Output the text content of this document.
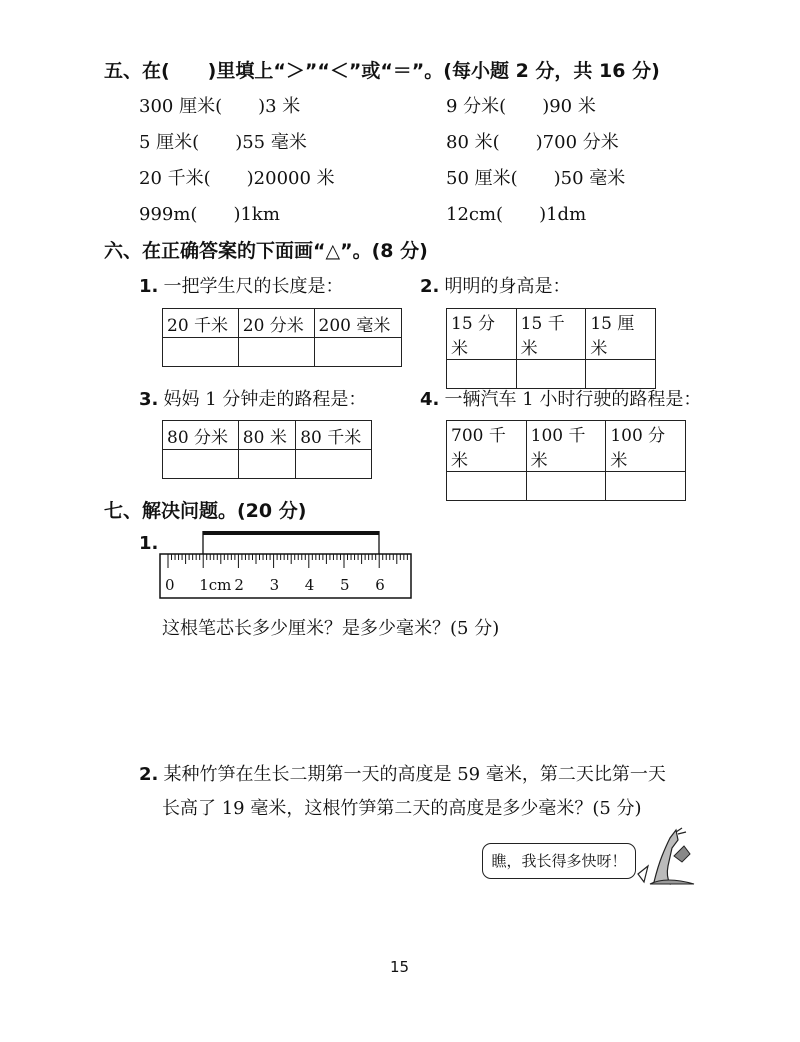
五、在(　　)里填上“＞”“＜”或“＝”。(每小题 2 分，共 16 分)
300 厘米(　　)3 米	9 分米(　　)90 米
5 厘米(　　)55 毫米	80 米(　　)700 分米
20 千米(　　)20000 米	50 厘米(　　)50 毫米
999m(　　)1km	12cm(　　)1dm
六、在正确答案的下面画“△”。(8 分)
1. 一把学生尺的长度是：
20 千米	20 分米	200 毫米

2. 明明的身高是：
15 分米	15 千米	15 厘米

3. 妈妈 1 分钟走的路程是：
80 分米	80 米	80 千米

4. 一辆汽车 1 小时行驶的路程是：
700 千米	100 千米	100 分米

七、解决问题。(20 分)
1.
0 1cm 2 3 4 5 6
这根笔芯长多少厘米？是多少毫米？(5 分)
2. 某种竹笋在生长二期第一天的高度是 59 毫米，第二天比第一天
长高了 19 毫米，这根竹笋第二天的高度是多少毫米？(5 分)
瞧，我长得多快呀！
15
